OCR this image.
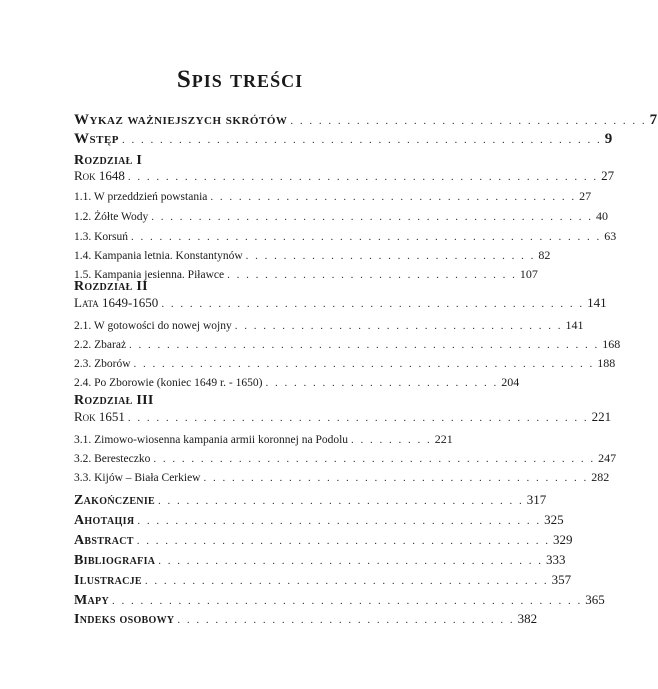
Spis treści
Wykaz ważniejszych skrótów . . . . . . . . . . . . . . . . . . . . . . . . . . . . . . . . . . . . . . 7
Wstęp . . . . . . . . . . . . . . . . . . . . . . . . . . . . . . . . . . . . . . . . . . . . . . . . . . . 9
Rozdział I
Rok 1648 . . . . . . . . . . . . . . . . . . . . . . . . . . . . . . . . . . . . . . . . . . . . . . . . . . 27
1.1. W przeddzień powstania . . . . . . . . . . . . . . . . . . . . . . . . . . . . . . . . . . . . . . . 27
1.2. Żółte Wody . . . . . . . . . . . . . . . . . . . . . . . . . . . . . . . . . . . . . . . . . . . . . . . 40
1.3. Korsuń . . . . . . . . . . . . . . . . . . . . . . . . . . . . . . . . . . . . . . . . . . . . . . . . . . 63
1.4. Kampania letnia. Konstantynów . . . . . . . . . . . . . . . . . . . . . . . . . . . . . . . 82
1.5. Kampania jesienna. Piławce . . . . . . . . . . . . . . . . . . . . . . . . . . . . . . . 107
Rozdział II
Lata 1649-1650 . . . . . . . . . . . . . . . . . . . . . . . . . . . . . . . . . . . . . . . . . . . . . 141
2.1. W gotowości do nowej wojny . . . . . . . . . . . . . . . . . . . . . . . . . . . . . . . . . . . 141
2.2. Zbaraż . . . . . . . . . . . . . . . . . . . . . . . . . . . . . . . . . . . . . . . . . . . . . . . . . . 168
2.3. Zborów . . . . . . . . . . . . . . . . . . . . . . . . . . . . . . . . . . . . . . . . . . . . . . . . . 188
2.4. Po Zborowie (koniec 1649 r. - 1650) . . . . . . . . . . . . . . . . . . . . . . . . . 204
Rozdział III
Rok 1651 . . . . . . . . . . . . . . . . . . . . . . . . . . . . . . . . . . . . . . . . . . . . . . . . . 221
3.1. Zimowo-wiosenna kampania armii koronnej na Podolu . . . . . . . . . 221
3.2. Beresteczko . . . . . . . . . . . . . . . . . . . . . . . . . . . . . . . . . . . . . . . . . . . . . . . 247
3.3. Kijów – Biała Cerkiew . . . . . . . . . . . . . . . . . . . . . . . . . . . . . . . . . . . . . . . . . 282
Zakończenie . . . . . . . . . . . . . . . . . . . . . . . . . . . . . . . . . . . . . . . 317
Анотація . . . . . . . . . . . . . . . . . . . . . . . . . . . . . . . . . . . . . . . . . . . 325
Abstract . . . . . . . . . . . . . . . . . . . . . . . . . . . . . . . . . . . . . . . . . . . . 329
Bibliografia . . . . . . . . . . . . . . . . . . . . . . . . . . . . . . . . . . . . . . . . . 333
Ilustracje . . . . . . . . . . . . . . . . . . . . . . . . . . . . . . . . . . . . . . . . . . . 357
Mapy . . . . . . . . . . . . . . . . . . . . . . . . . . . . . . . . . . . . . . . . . . . . . . . . . . 365
Indeks osobowy . . . . . . . . . . . . . . . . . . . . . . . . . . . . . . . . . . . . 382
